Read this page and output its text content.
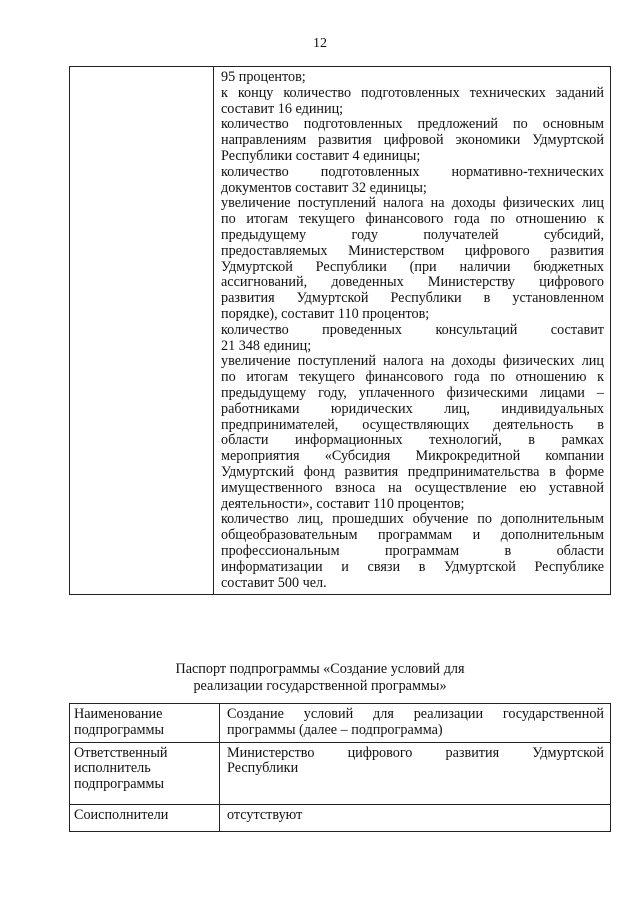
12

95 процентов;
к концу количество подготовленных технических заданий
составит 16 единиц;
количество подготовленных предложений по основным
направлениям развития цифровой экономики Удмуртской
Республики составит 4 единицы;
количество подготовленных нормативно-технических
документов составит 32 единицы;
увеличение поступлений налога на доходы физических лиц
по итогам текущего финансового года по отношению к
предыдущему году получателей субсидий,
предоставляемых Министерством цифрового развития
Удмуртской Республики (при наличии бюджетных
ассигнований, доведенных Министерству цифрового
развития Удмуртской Республики в установленном
порядке), составит 110 процентов;
количество проведенных консультаций составит
21 348 единиц;
увеличение поступлений налога на доходы физических лиц
по итогам текущего финансового года по отношению к
предыдущему году, уплаченного физическими лицами –
работниками юридических лиц, индивидуальных
предпринимателей, осуществляющих деятельность в
области информационных технологий, в рамках
мероприятия «Субсидия Микрокредитной компании
Удмуртский фонд развития предпринимательства в форме
имущественного взноса на осуществление ею уставной
деятельности», составит 110 процентов;
количество лиц, прошедших обучение по дополнительным
общеобразовательным программам и дополнительным
профессиональным программам в области
информатизации и связи в Удмуртской Республике
составит 500 чел.
Паспорт подпрограммы «Создание условий для
реализации государственной программы»
Наименование
подпрограммы	Создание условий для реализации государственной
программы (далее – подпрограмма)

Ответственный
исполнитель
подпрограммы	Министерство цифрового развития Удмуртской
Республики

Соисполнители	отсутствуют
